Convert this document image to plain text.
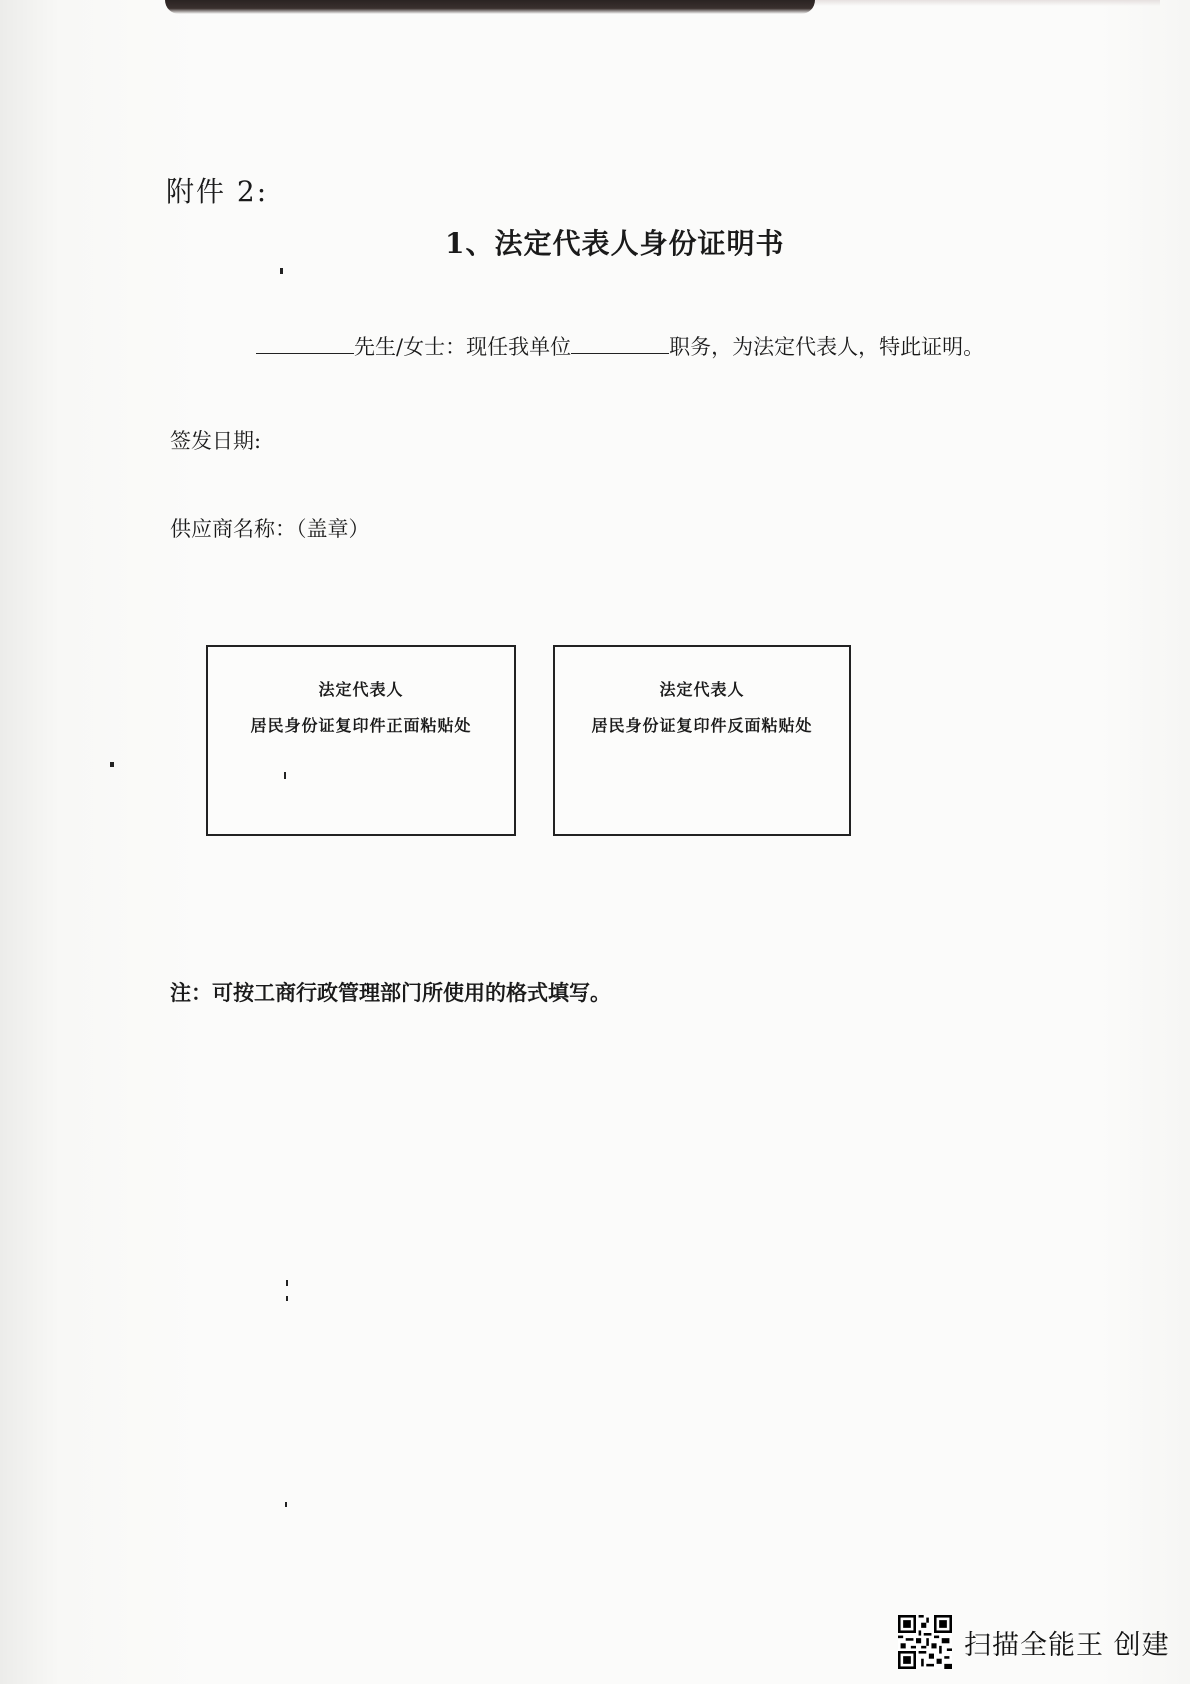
附件 2:
1、法定代表人身份证明书
先生/女士：现任我单位	职务，为法定代表人，特此证明。
签发日期:
供应商名称：（盖章）
法定代表人
居民身份证复印件正面粘贴处
法定代表人
居民身份证复印件反面粘贴处
注：可按工商行政管理部门所使用的格式填写。
扫描全能王 创建
